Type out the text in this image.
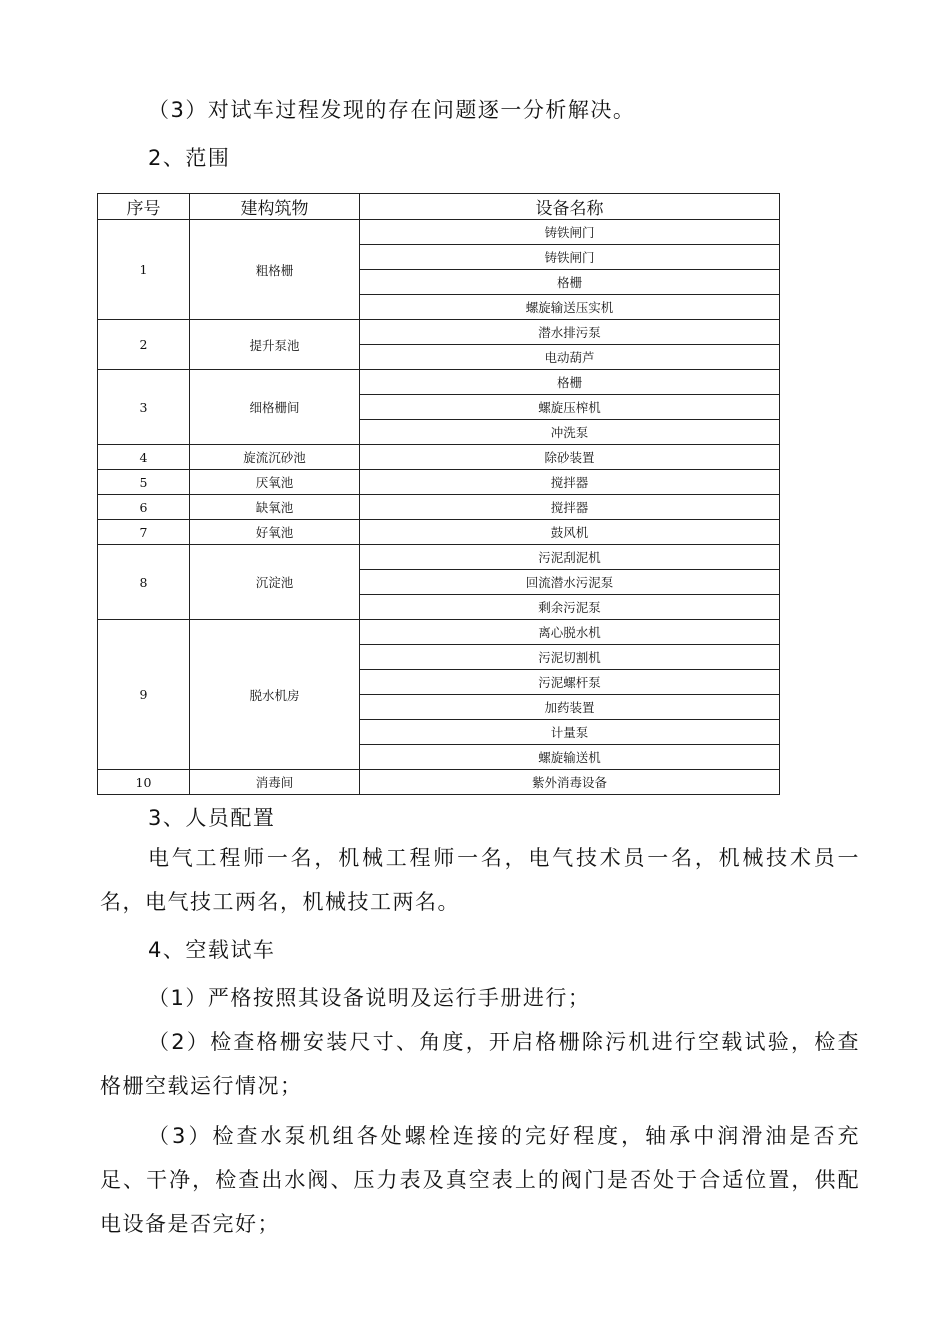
（3）对试车过程发现的存在问题逐一分析解决。

2、范围

序号	建构筑物	设备名称
1	粗格栅	铸铁闸门
		铸铁闸门
		格栅
		螺旋输送压实机
2	提升泵池	潜水排污泵
		电动葫芦
3	细格栅间	格栅
		螺旋压榨机
		冲洗泵
4	旋流沉砂池	除砂装置
5	厌氧池	搅拌器
6	缺氧池	搅拌器
7	好氧池	鼓风机
8	沉淀池	污泥刮泥机
		回流潜水污泥泵
		剩余污泥泵
9	脱水机房	离心脱水机
		污泥切割机
		污泥螺杆泵
		加药装置
		计量泵
		螺旋输送机
10	消毒间	紫外消毒设备

3、人员配置

电气工程师一名，机械工程师一名，电气技术员一名，机械技术员一名，电气技工两名，机械技工两名。

4、空载试车

（1）严格按照其设备说明及运行手册进行；

（2）检查格栅安装尺寸、角度，开启格栅除污机进行空载试验，检查格栅空载运行情况；

（3）检查水泵机组各处螺栓连接的完好程度，轴承中润滑油是否充足、干净，检查出水阀、压力表及真空表上的阀门是否处于合适位置，供配电设备是否完好；
